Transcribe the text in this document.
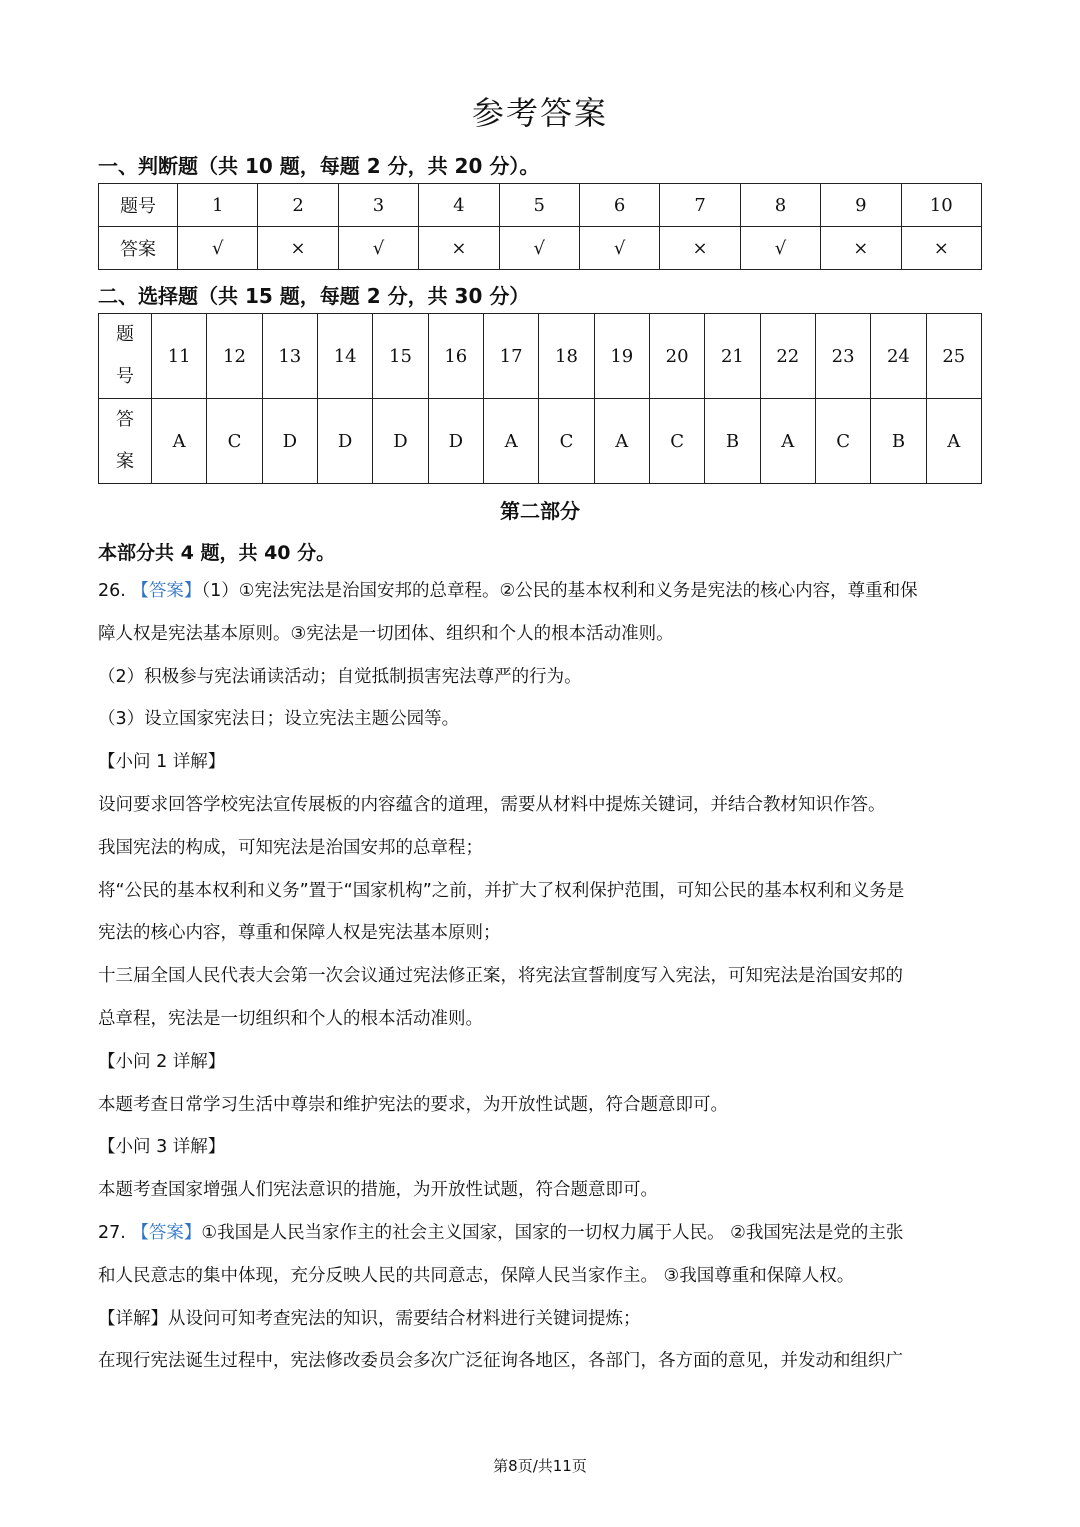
参考答案
一、判断题（共 10 题，每题 2 分，共 20 分）。
题号	1	2	3	4	5	6	7	8	9	10
答案	√	×	√	×	√	√	×	√	×	×
二、选择题（共 15 题，每题 2 分，共 30 分）
题
号	11	12	13	14	15	16	17	18	19	20	21	22	23	24	25

答
案	A	C	D	D	D	D	A	C	A	C	B	A	C	B	A
第二部分
本部分共 4 题，共 40 分。

26. 【答案】（1）①宪法宪法是治国安邦的总章程。②公民的基本权利和义务是宪法的核心内容，尊重和保

障人权是宪法基本原则。③宪法是一切团体、组织和个人的根本活动准则。

（2）积极参与宪法诵读活动；自觉抵制损害宪法尊严的行为。

（3）设立国家宪法日；设立宪法主题公园等。

【小问 1 详解】

设问要求回答学校宪法宣传展板的内容蕴含的道理，需要从材料中提炼关键词，并结合教材知识作答。

我国宪法的构成，可知宪法是治国安邦的总章程；

将“公民的基本权利和义务”置于“国家机构”之前，并扩大了权利保护范围，可知公民的基本权利和义务是

宪法的核心内容，尊重和保障人权是宪法基本原则；

十三届全国人民代表大会第一次会议通过宪法修正案，将宪法宣誓制度写入宪法，可知宪法是治国安邦的

总章程，宪法是一切组织和个人的根本活动准则。

【小问 2 详解】

本题考查日常学习生活中尊崇和维护宪法的要求，为开放性试题，符合题意即可。

【小问 3 详解】

本题考查国家增强人们宪法意识的措施，为开放性试题，符合题意即可。

27. 【答案】①我国是人民当家作主的社会主义国家，国家的一切权力属于人民。 ②我国宪法是党的主张

和人民意志的集中体现，充分反映人民的共同意志，保障人民当家作主。 ③我国尊重和保障人权。

【详解】从设问可知考查宪法的知识，需要结合材料进行关键词提炼；

在现行宪法诞生过程中，宪法修改委员会多次广泛征询各地区，各部门，各方面的意见，并发动和组织广

第8页/共11页
